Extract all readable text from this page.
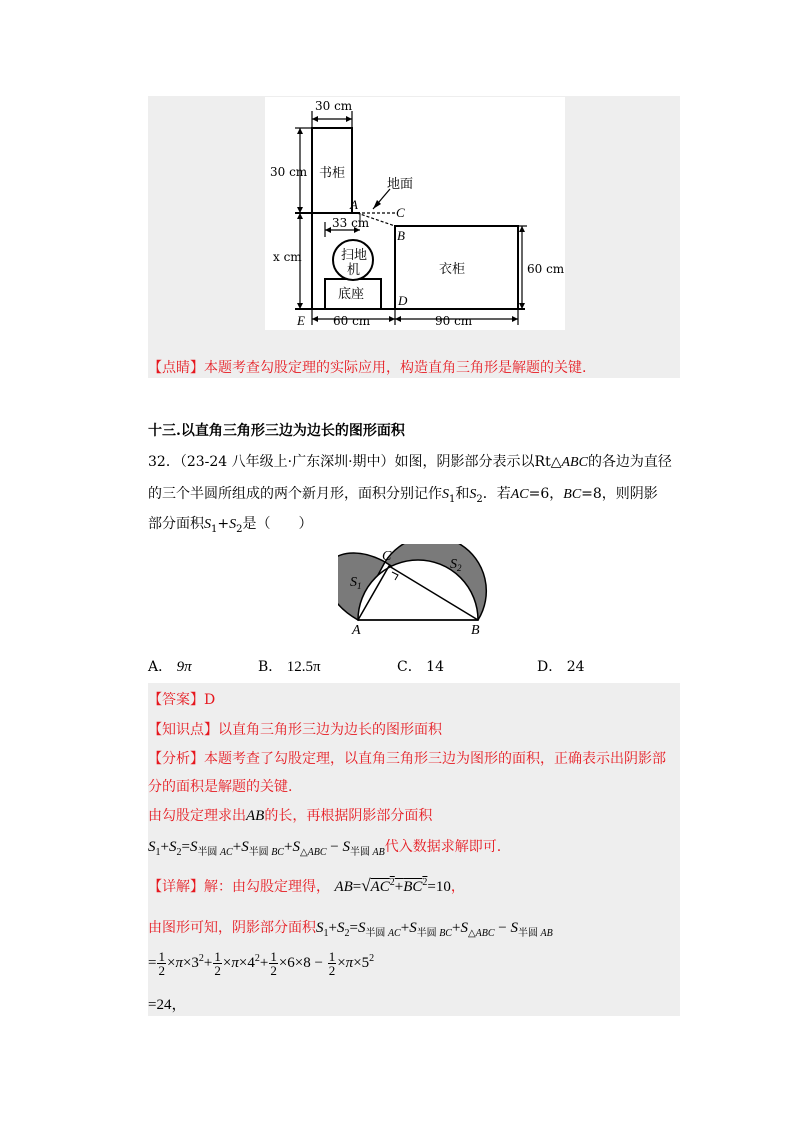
30 cm
30 cm 书柜
地面
33 cm
x cm	扫地
机
底座
衣柜	60 cm
60 cm	90 cm
A
C
B
D
E
【点睛】本题考查勾股定理的实际应用，构造直角三角形是解题的关键.
十三.以直角三角形三边为边长的图形面积
32．（23-24 八年级上·广东深圳·期中）如图，阴影部分表示以Rt△ABC的各边为直径
的三个半圆所组成的两个新月形，面积分别记作$S_1$和$S_2$．若AC=6，BC=8，则阴影
部分面积$S_1+S_2$是（　　）
A	B
C
$S_1$
$S_2$
A． 9π	B． 12.5π	C． 14	D． 24
【答案】D
【知识点】以直角三角形三边为边长的图形面积
【分析】本题考查了勾股定理，以直角三角形三边为图形的面积，正确表示出阴影部
分的面积是解题的关键.
由勾股定理求出AB的长，再根据阴影部分面积
$S_1+S_2=S_{半圆 AC}+S_{半圆 BC}+S_{\triangle ABC} - S_{半圆 AB}$代入数据求解即可.
【详解】解：由勾股定理得， $AB=√AC^2+BC^2=10$，
由图形可知，阴影部分面积$S_1+S_2=S_{半圆 AC}+S_{半圆 BC}+S_{\triangle ABC} - S_{半圆 AB}$
= $\frac{1}{2} \times\pi\times 3^2+ \frac{1}{2} \times\pi\times 4^2+ \frac{1}{2} \times 6\times 8 - \frac{1}{2} \times\pi\times 5^2$
=24，
